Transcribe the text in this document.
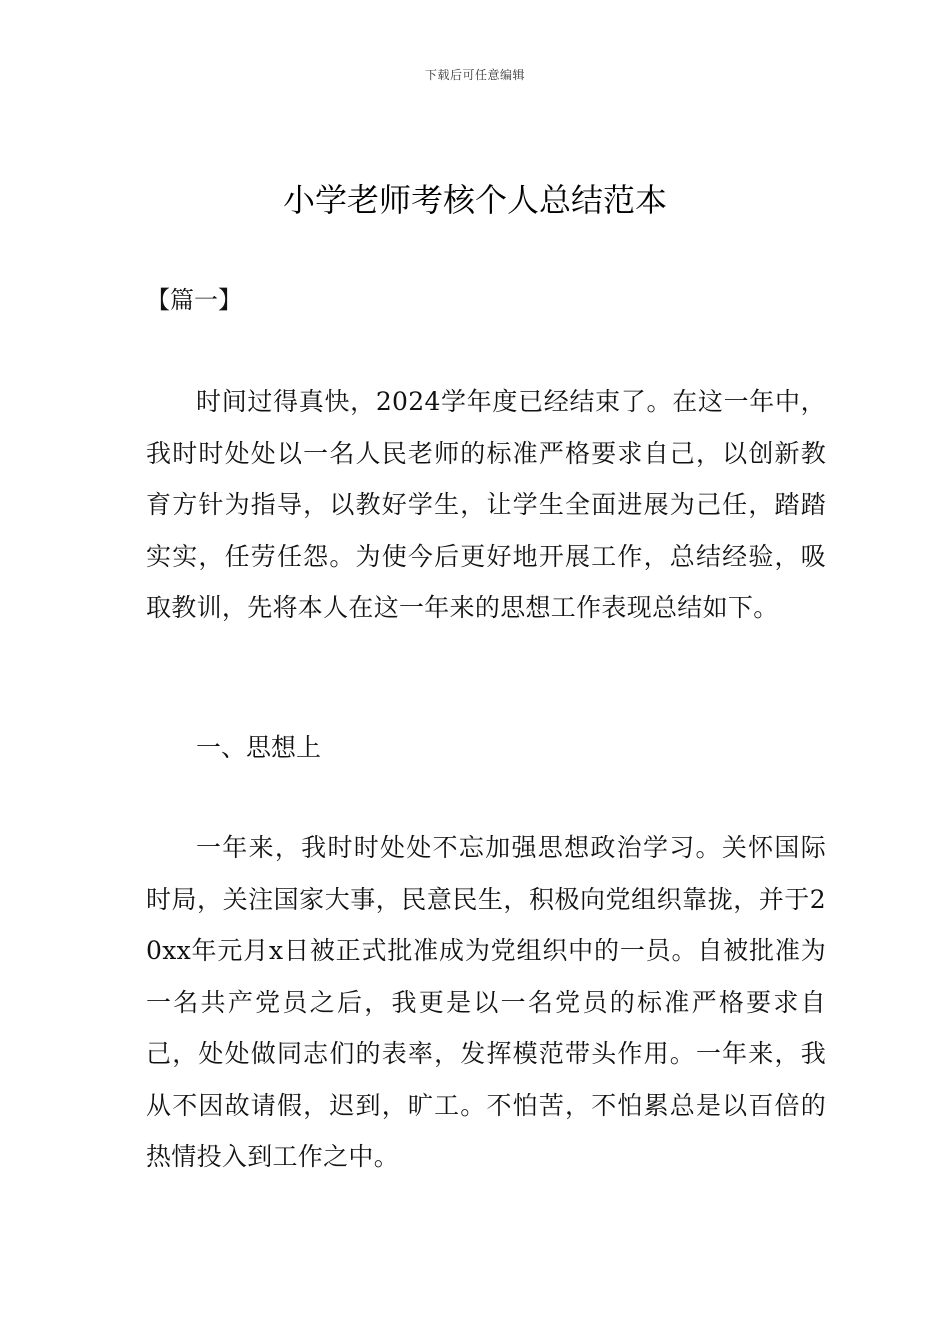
下载后可任意编辑
小学老师考核个人总结范本
【篇一】

时间过得真快，2024学年度已经结束了。在这一年中，我时时处处以一名人民老师的标准严格要求自己，以创新教育方针为指导，以教好学生，让学生全面进展为己任，踏踏实实，任劳任怨。为使今后更好地开展工作，总结经验，吸取教训，先将本人在这一年来的思想工作表现总结如下。

一、思想上

一年来，我时时处处不忘加强思想政治学习。关怀国际时局，关注国家大事，民意民生，积极向党组织靠拢，并于20xx年元月x日被正式批准成为党组织中的一员。自被批准为一名共产党员之后，我更是以一名党员的标准严格要求自己，处处做同志们的表率，发挥模范带头作用。一年来，我从不因故请假，迟到，旷工。不怕苦，不怕累总是以百倍的热情投入到工作之中。
